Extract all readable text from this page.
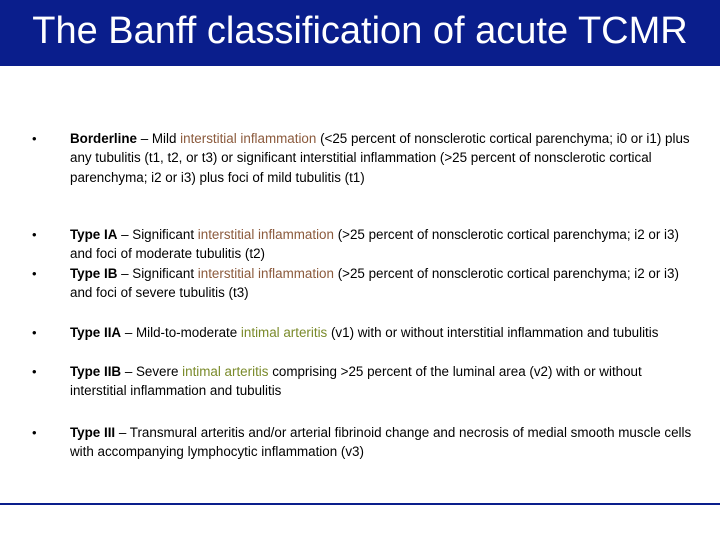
The Banff classification of acute TCMR
• Borderline – Mild interstitial inflammation (<25 percent of nonsclerotic cortical parenchyma; i0 or i1) plus any tubulitis (t1, t2, or t3) or significant interstitial inflammation (>25 percent of nonsclerotic cortical parenchyma; i2 or i3) plus foci of mild tubulitis (t1)
• Type IA – Significant interstitial inflammation (>25 percent of nonsclerotic cortical parenchyma; i2 or i3) and foci of moderate tubulitis (t2)
• Type IB – Significant interstitial inflammation (>25 percent of nonsclerotic cortical parenchyma; i2 or i3) and foci of severe tubulitis (t3)
• Type IIA – Mild-to-moderate intimal arteritis (v1) with or without interstitial inflammation and tubulitis
• Type IIB – Severe intimal arteritis comprising >25 percent of the luminal area (v2) with or without interstitial inflammation and tubulitis
• Type III – Transmural arteritis and/or arterial fibrinoid change and necrosis of medial smooth muscle cells with accompanying lymphocytic inflammation (v3)
